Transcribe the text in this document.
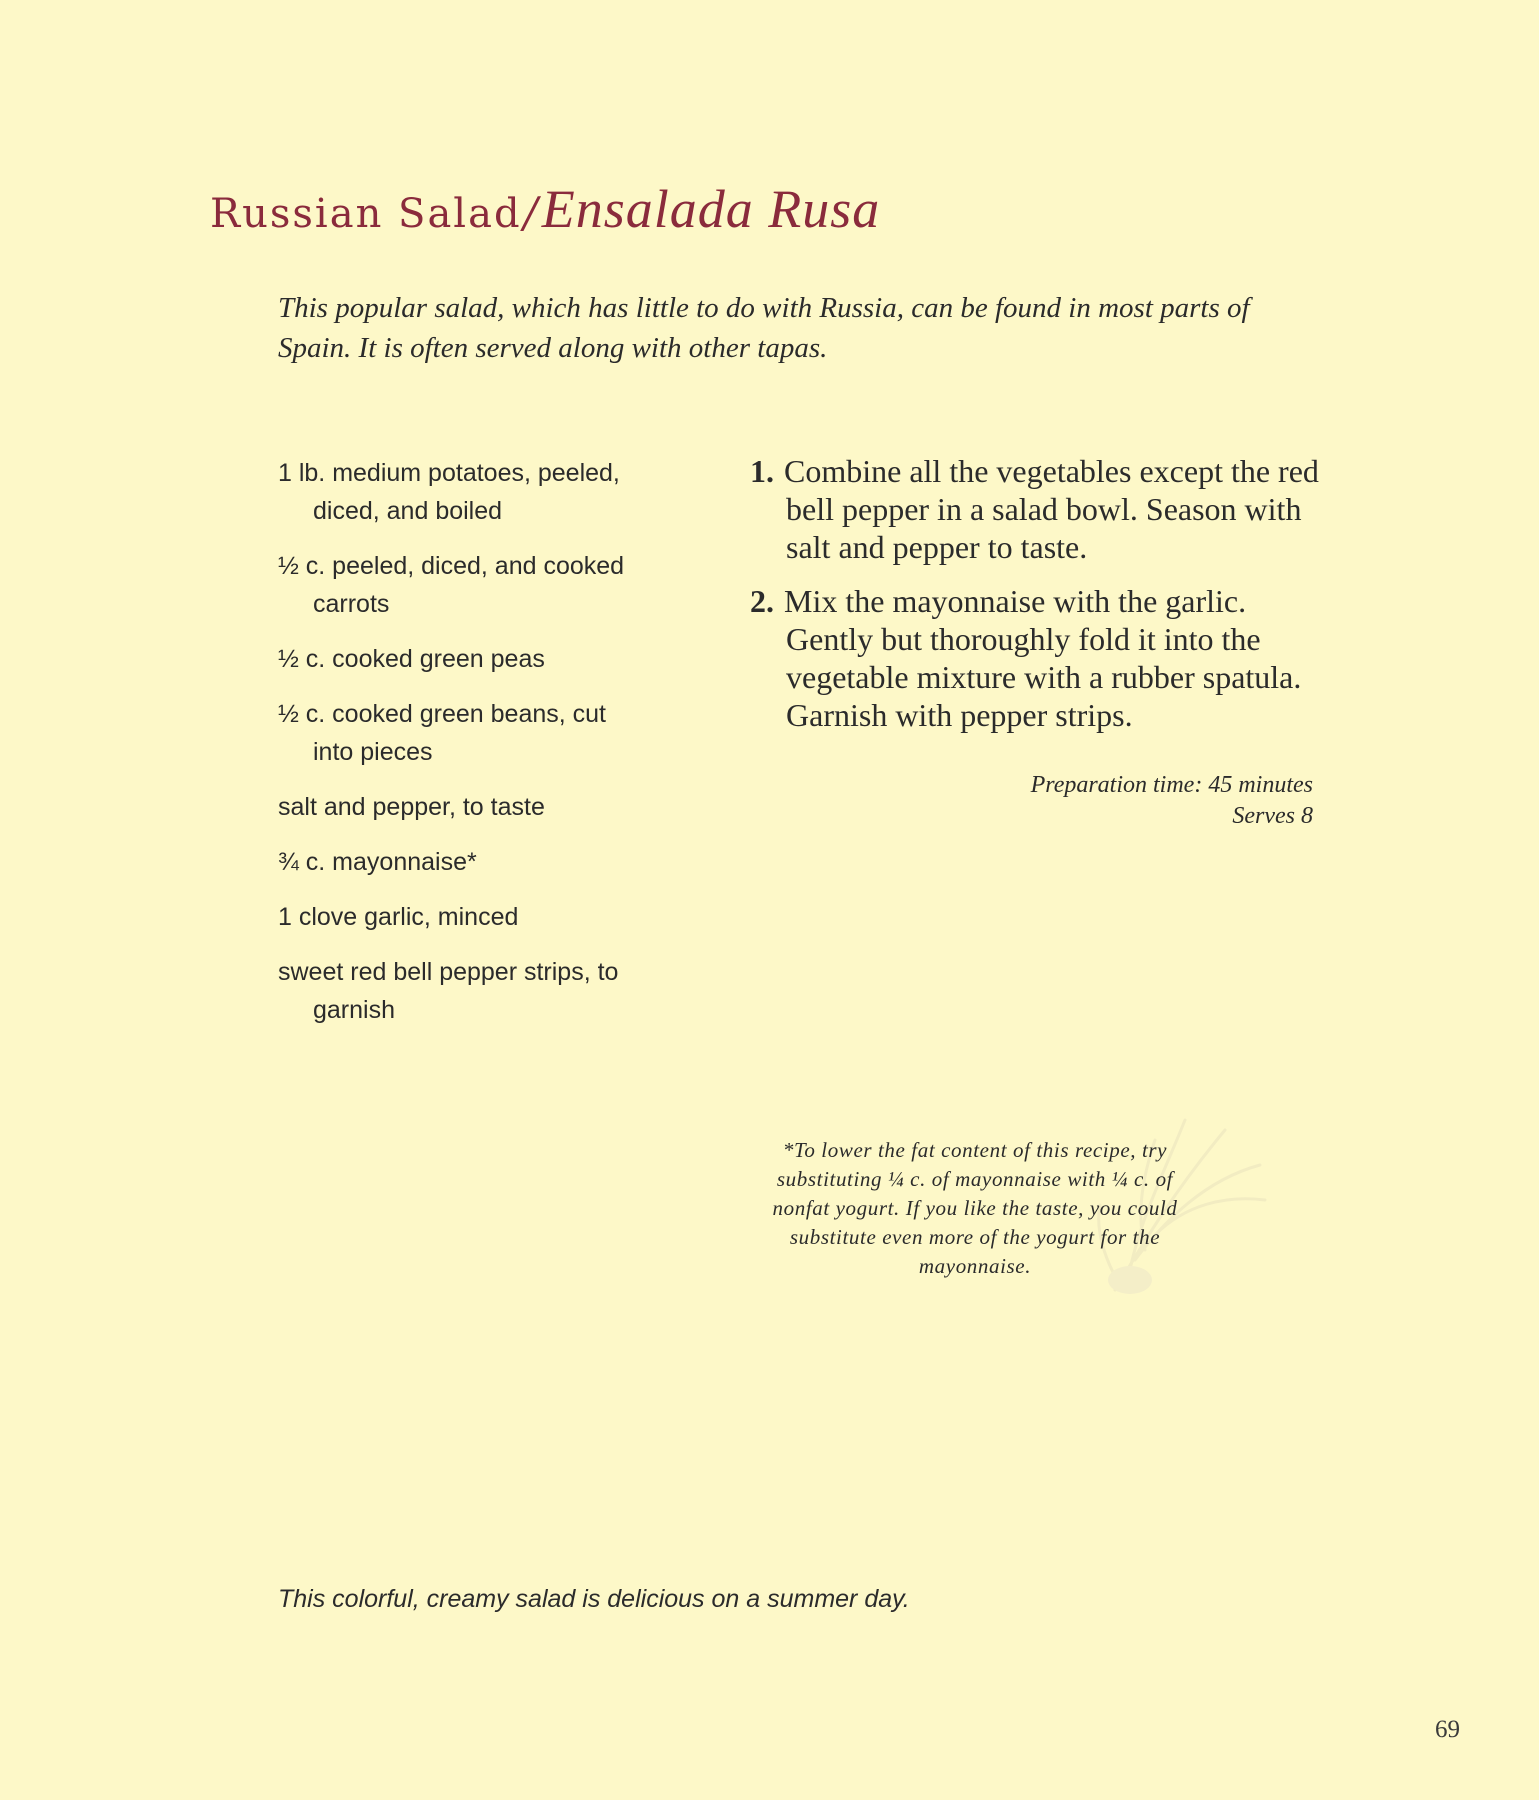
Russian Salad/Ensalada Rusa
This popular salad, which has little to do with Russia, can be found in most parts of Spain. It is often served along with other tapas.
1 lb. medium potatoes, peeled, diced, and boiled
½ c. peeled, diced, and cooked carrots
½ c. cooked green peas
½ c. cooked green beans, cut into pieces
salt and pepper, to taste
¾ c. mayonnaise*
1 clove garlic, minced
sweet red bell pepper strips, to garnish
1. Combine all the vegetables except the red bell pepper in a salad bowl. Season with salt and pepper to taste.
2. Mix the mayonnaise with the garlic. Gently but thoroughly fold it into the vegetable mixture with a rubber spatula. Garnish with pepper strips.
Preparation time: 45 minutes
Serves 8
*To lower the fat content of this recipe, try substituting ¼ c. of mayonnaise with ¼ c. of nonfat yogurt. If you like the taste, you could substitute even more of the yogurt for the mayonnaise.
This colorful, creamy salad is delicious on a summer day.
69
